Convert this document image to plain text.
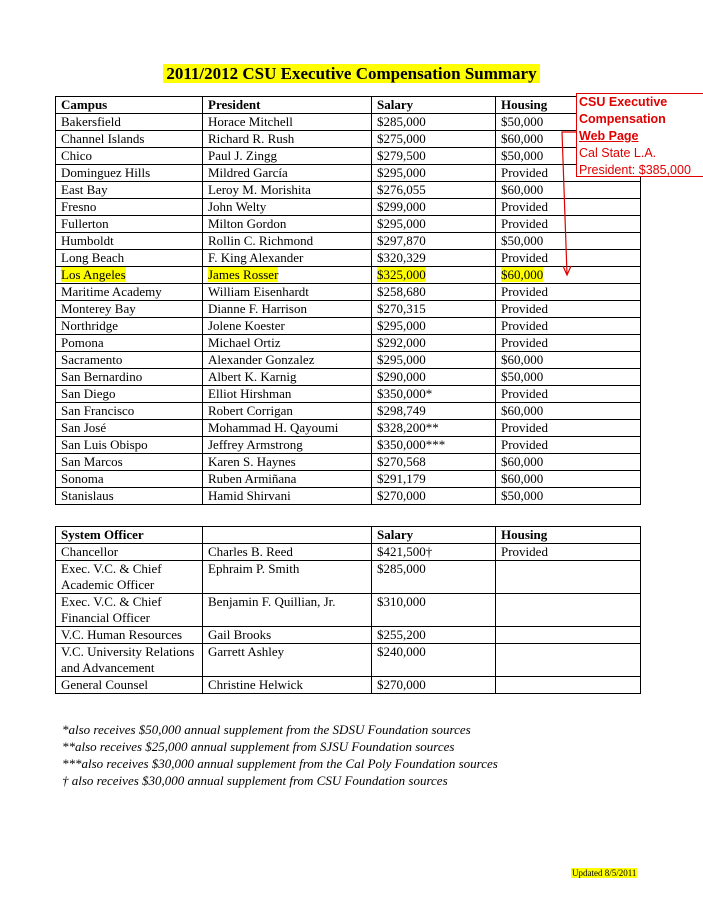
2011/2012 CSU Executive Compensation Summary
Campus	President	Salary	Housing
Bakersfield	Horace Mitchell	$285,000	$50,000
Channel Islands	Richard R. Rush	$275,000	$60,000
Chico	Paul J. Zingg	$279,500	$50,000
Dominguez Hills	Mildred García	$295,000	Provided
East Bay	Leroy M. Morishita	$276,055	$60,000
Fresno	John Welty	$299,000	Provided
Fullerton	Milton Gordon	$295,000	Provided
Humboldt	Rollin C. Richmond	$297,870	$50,000
Long Beach	F. King Alexander	$320,329	Provided
Los Angeles	James Rosser	$325,000	$60,000
Maritime Academy	William Eisenhardt	$258,680	Provided
Monterey Bay	Dianne F. Harrison	$270,315	Provided
Northridge	Jolene Koester	$295,000	Provided
Pomona	Michael Ortiz	$292,000	Provided
Sacramento	Alexander Gonzalez	$295,000	$60,000
San Bernardino	Albert K. Karnig	$290,000	$50,000
San Diego	Elliot Hirshman	$350,000*	Provided
San Francisco	Robert Corrigan	$298,749	$60,000
San José	Mohammad H. Qayoumi	$328,200**	Provided
San Luis Obispo	Jeffrey Armstrong	$350,000***	Provided
San Marcos	Karen S. Haynes	$270,568	$60,000
Sonoma	Ruben Armiñana	$291,179	$60,000
Stanislaus	Hamid Shirvani	$270,000	$50,000
System Officer		Salary	Housing
Chancellor	Charles B. Reed	$421,500†	Provided
Exec. V.C. & Chief Academic Officer	Ephraim P. Smith	$285,000	
Exec. V.C. & Chief Financial Officer	Benjamin F. Quillian, Jr.	$310,000	
V.C. Human Resources	Gail Brooks	$255,200	
V.C. University Relations and Advancement	Garrett Ashley	$240,000	
General Counsel	Christine Helwick	$270,000	
*also receives $50,000 annual supplement from the SDSU Foundation sources
**also receives $25,000 annual supplement from SJSU Foundation sources
***also receives $30,000 annual supplement from the Cal Poly Foundation sources
† also receives $30,000 annual supplement from CSU Foundation sources
Updated 8/5/2011
CSU Executive Compensation
Web Page
Cal State L.A.
President: $385,000
